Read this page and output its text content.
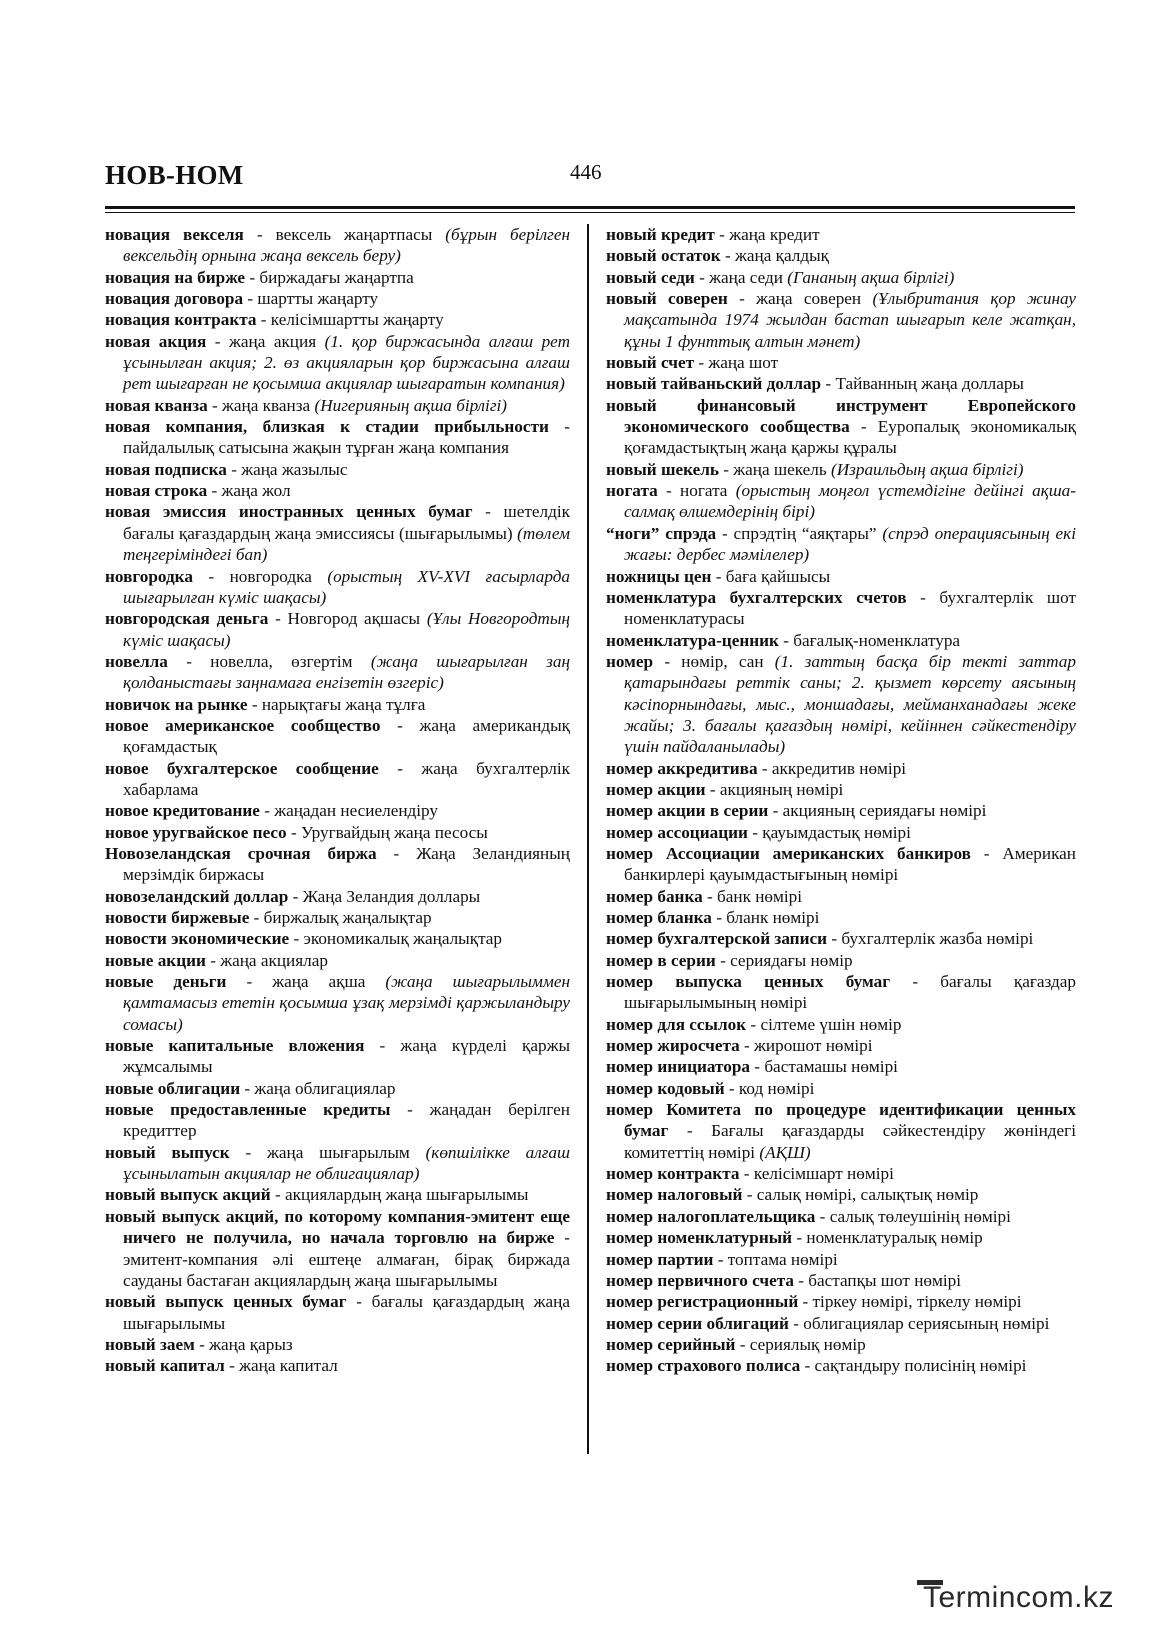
НОВ-НОМ	446

новация векселя - вексель жаңартпасы (бұрын берілген вексельдің орнына жаңа вексель беру)

новация на бирже - биржадағы жаңартпа

новация договора - шартты жаңарту

новация контракта - келісімшартты жаңарту

новая акция - жаңа акция (1. қор биржасында алғаш рет ұсынылған акция; 2. өз акцияларын қор биржасына алғаш рет шығарған не қосымша акциялар шығаратын компания)

новая кванза - жаңа кванза (Нигерияның ақша бірлігі)

новая компания, близкая к стадии прибыльности - пайдалылық сатысына жақын тұрған жаңа компания

новая подписка - жаңа жазылыс

новая строка - жаңа жол

новая эмиссия иностранных ценных бумаг - шетелдік бағалы қағаздардың жаңа эмиссиясы (шығарылымы) (төлем теңгеріміндегі бап)

новгородка - новгородка (орыстың XV-XVI ғасырларда шығарылған күміс шақасы)

новгородская деньга - Новгород ақшасы (Ұлы Новгородтың күміс шақасы)

новелла - новелла, өзгертім (жаңа шығарылған заң қолданыстағы заңнамаға енгізетін өзгеріс)

новичок на рынке - нарықтағы жаңа тұлға

новое американское сообщество - жаңа американдық қоғамдастық

новое бухгалтерское сообщение - жаңа бухгалтерлік хабарлама

новое кредитование - жаңадан несиелендіру

новое уругвайское песо - Уругвайдың жаңа песосы

Новозеландская срочная биржа - Жаңа Зеландияның мерзімдік биржасы

новозеландский доллар - Жаңа Зеландия доллары

новости биржевые - биржалық жаңалықтар

новости экономические - экономикалық жаңалықтар

новые акции - жаңа акциялар

новые деньги - жаңа ақша (жаңа шығарылыммен қамтамасыз ететін қосымша ұзақ мерзімді қаржыландыру сомасы)

новые капитальные вложения - жаңа күрделі қаржы жұмсалымы

новые облигации - жаңа облигациялар

новые предоставленные кредиты - жаңадан берілген кредиттер

новый выпуск - жаңа шығарылым (көпшілікке алғаш ұсынылатын акциялар не облигациялар)

новый выпуск акций - акциялардың жаңа шығарылымы

новый выпуск акций, по которому компания-эмитент еще ничего не получила, но начала торговлю на бирже - эмитент-компания әлі ештеңе алмаған, бірақ биржада сауданы бастаған акциялардың жаңа шығарылымы

новый выпуск ценных бумаг - бағалы қағаздардың жаңа шығарылымы

новый заем - жаңа қарыз

новый капитал - жаңа капитал

новый кредит - жаңа кредит

новый остаток - жаңа қалдық

новый седи - жаңа седи (Гананың ақша бірлігі)

новый соверен - жаңа соверен (Ұлыбритания қор жинау мақсатында 1974 жылдан бастап шығарып келе жатқан, құны 1 фунттық алтын мәнет)

новый счет - жаңа шот

новый тайваньский доллар - Тайванның жаңа доллары

новый финансовый инструмент Европейского экономического сообщества - Еуропалық экономикалық қоғамдастықтың жаңа қаржы құралы

новый шекель - жаңа шекель (Израильдың ақша бірлігі)

ногата - ногата (орыстың моңғол үстемдігіне дейінгі ақша-салмақ өлшемдерінің бірі)

“ноги” спрэда - спрэдтің “аяқтары” (спрэд операциясының екі жағы: дербес мәмілелер)

ножницы цен - баға қайшысы

номенклатура бухгалтерских счетов - бухгалтерлік шот номенклатурасы

номенклатура-ценник - бағалық-номенклатура

номер - нөмір, сан (1. заттың басқа бір текті заттар қатарындағы реттік саны; 2. қызмет көрсету аясының кәсіпорнындағы, мыс., моншадағы, мейманханадағы жеке жайы; 3. бағалы қағаздың нөмірі, кейіннен сәйкестендіру үшін пайдаланылады)

номер аккредитива - аккредитив нөмірі

номер акции - акцияның нөмірі

номер акции в серии - акцияның сериядағы нөмірі

номер ассоциации - қауымдастық нөмірі

номер Ассоциации американских банкиров - Американ банкирлері қауымдастығының нөмірі

номер банка - банк нөмірі

номер бланка - бланк нөмірі

номер бухгалтерской записи - бухгалтерлік жазба нөмірі

номер в серии - сериядағы нөмір

номер выпуска ценных бумаг - бағалы қағаздар шығарылымының нөмірі

номер для ссылок - сілтеме үшін нөмір

номер жиросчета - жирошот нөмірі

номер инициатора - бастамашы нөмірі

номер кодовый - код нөмірі

номер Комитета по процедуре идентификации ценных бумаг - Бағалы қағаздарды сәйкестендіру жөніндегі комитеттің нөмірі (АҚШ)

номер контракта - келісімшарт нөмірі

номер налоговый - салық нөмірі, салықтық нөмір

номер налогоплательщика - салық төлеушінің нөмірі

номер номенклатурный - номенклатуралық нөмір

номер партии - топтама нөмірі

номер первичного счета - бастапқы шот нөмірі

номер регистрационный - тіркеу нөмірі, тіркелу нөмірі

номер серии облигаций - облигациялар сериясының нөмірі

номер серийный - сериялық нөмір

номер страхового полиса - сақтандыру полисінің нөмірі

Termincom.kz
